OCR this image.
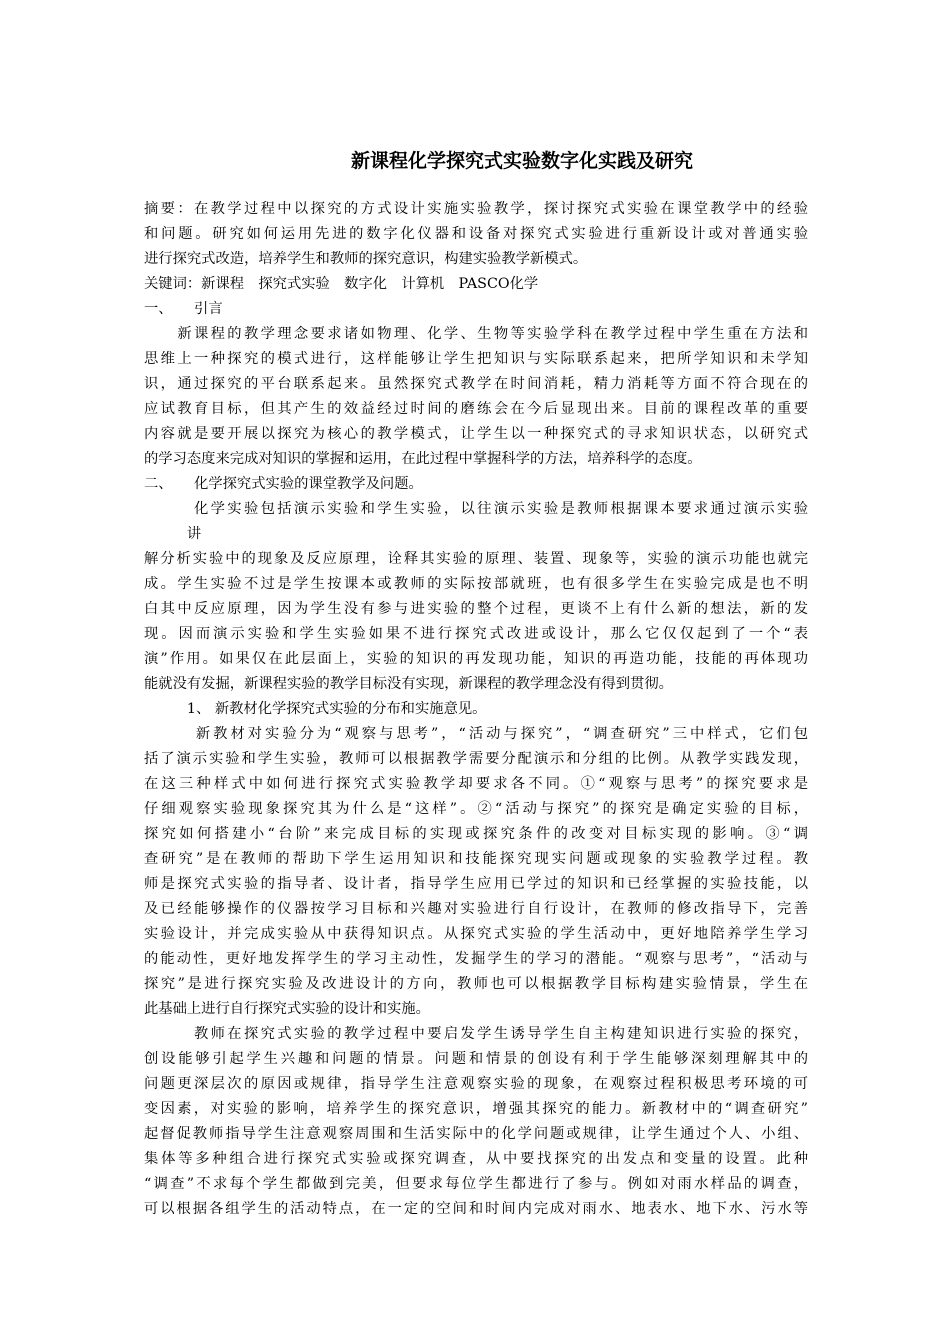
新课程化学探究式实验数字化实践及研究
摘要：在教学过程中以探究的方式设计实施实验教学，探讨探究式实验在课堂教学中的经验
和问题。研究如何运用先进的数字化仪器和设备对探究式实验进行重新设计或对普通实验
进行探究式改造，培养学生和教师的探究意识，构建实验教学新模式。
关键词：新课程　探究式实验　数字化　计算机　PASCO化学
一、　　引言
　　新课程的教学理念要求诸如物理、化学、生物等实验学科在教学过程中学生重在方法和
思维上一种探究的模式进行，这样能够让学生把知识与实际联系起来，把所学知识和未学知
识，通过探究的平台联系起来。虽然探究式教学在时间消耗，精力消耗等方面不符合现在的
应试教育目标，但其产生的效益经过时间的磨练会在今后显现出来。目前的课程改革的重要
内容就是要开展以探究为核心的教学模式，让学生以一种探究式的寻求知识状态，以研究式
的学习态度来完成对知识的掌握和运用，在此过程中掌握科学的方法，培养科学的态度。
二、　　化学探究式实验的课堂教学及问题。
　　　化学实验包括演示实验和学生实验，以往演示实验是教师根据课本要求通过演示实验
　　　讲
解分析实验中的现象及反应原理，诠释其实验的原理、装置、现象等，实验的演示功能也就完
成。学生实验不过是学生按课本或教师的实际按部就班，也有很多学生在实验完成是也不明
白其中反应原理，因为学生没有参与进实验的整个过程，更谈不上有什么新的想法，新的发
现。因而演示实验和学生实验如果不进行探究式改进或设计，那么它仅仅起到了一个“表
演”作用。如果仅在此层面上，实验的知识的再发现功能，知识的再造功能，技能的再体现功
能就没有发掘，新课程实验的教学目标没有实现，新课程的教学理念没有得到贯彻。
　　　1、 新教材化学探究式实验的分布和实施意见。
　　　新教材对实验分为“观察与思考”，“活动与探究”，“调查研究”三中样式，它们包
括了演示实验和学生实验，教师可以根据教学需要分配演示和分组的比例。从教学实践发现，
在这三种样式中如何进行探究式实验教学却要求各不同。①“观察与思考”的探究要求是
仔细观察实验现象探究其为什么是“这样”。②“活动与探究”的探究是确定实验的目标，
探究如何搭建小“台阶”来完成目标的实现或探究条件的改变对目标实现的影响。③“调
查研究”是在教师的帮助下学生运用知识和技能探究现实问题或现象的实验教学过程。教
师是探究式实验的指导者、设计者，指导学生应用已学过的知识和已经掌握的实验技能，以
及已经能够操作的仪器按学习目标和兴趣对实验进行自行设计，在教师的修改指导下，完善
实验设计，并完成实验从中获得知识点。从探究式实验的学生活动中，更好地陪养学生学习
的能动性，更好地发挥学生的学习主动性，发掘学生的学习的潜能。“观察与思考”，“活动与
探究”是进行探究实验及改进设计的方向，教师也可以根据教学目标构建实验情景，学生在
此基础上进行自行探究式实验的设计和实施。
　　　教师在探究式实验的教学过程中要启发学生诱导学生自主构建知识进行实验的探究，
创设能够引起学生兴趣和问题的情景。问题和情景的创设有利于学生能够深刻理解其中的
问题更深层次的原因或规律，指导学生注意观察实验的现象，在观察过程积极思考环境的可
变因素，对实验的影响，培养学生的探究意识，增强其探究的能力。新教材中的“调查研究”
起督促教师指导学生注意观察周围和生活实际中的化学问题或规律，让学生通过个人、小组、
集体等多种组合进行探究式实验或探究调查，从中要找探究的出发点和变量的设置。此种
“调查”不求每个学生都做到完美，但要求每位学生都进行了参与。例如对雨水样品的调查，
可以根据各组学生的活动特点，在一定的空间和时间内完成对雨水、地表水、地下水、污水等
